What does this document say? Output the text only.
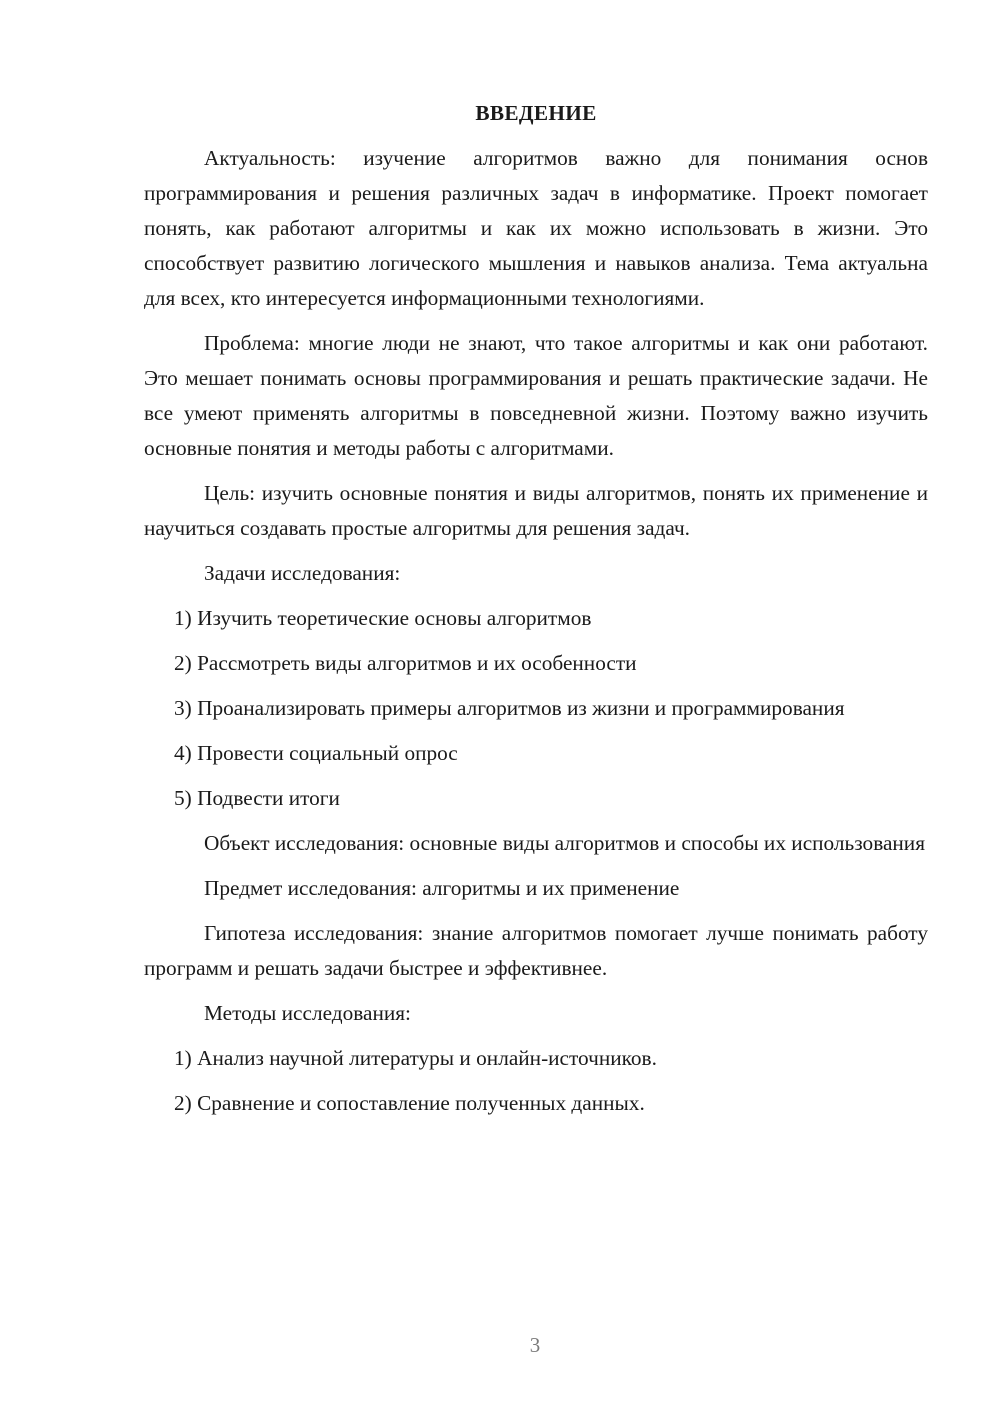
ВВЕДЕНИЕ

Актуальность: изучение алгоритмов важно для понимания основ программирования и решения различных задач в информатике. Проект помогает понять, как работают алгоритмы и как их можно использовать в жизни. Это способствует развитию логического мышления и навыков анализа. Тема актуальна для всех, кто интересуется информационными технологиями.

Проблема: многие люди не знают, что такое алгоритмы и как они работают. Это мешает понимать основы программирования и решать практические задачи. Не все умеют применять алгоритмы в повседневной жизни. Поэтому важно изучить основные понятия и методы работы с алгоритмами.

Цель: изучить основные понятия и виды алгоритмов, понять их применение и научиться создавать простые алгоритмы для решения задач.

Задачи исследования:

1) Изучить теоретические основы алгоритмов

2) Рассмотреть виды алгоритмов и их особенности

3) Проанализировать примеры алгоритмов из жизни и программирования

4) Провести социальный опрос

5) Подвести итоги

Объект исследования: основные виды алгоритмов и способы их использования

Предмет исследования: алгоритмы и их применение

Гипотеза исследования: знание алгоритмов помогает лучше понимать работу программ и решать задачи быстрее и эффективнее.

Методы исследования:

1) Анализ научной литературы и онлайн-источников.

2) Сравнение и сопоставление полученных данных.

3
